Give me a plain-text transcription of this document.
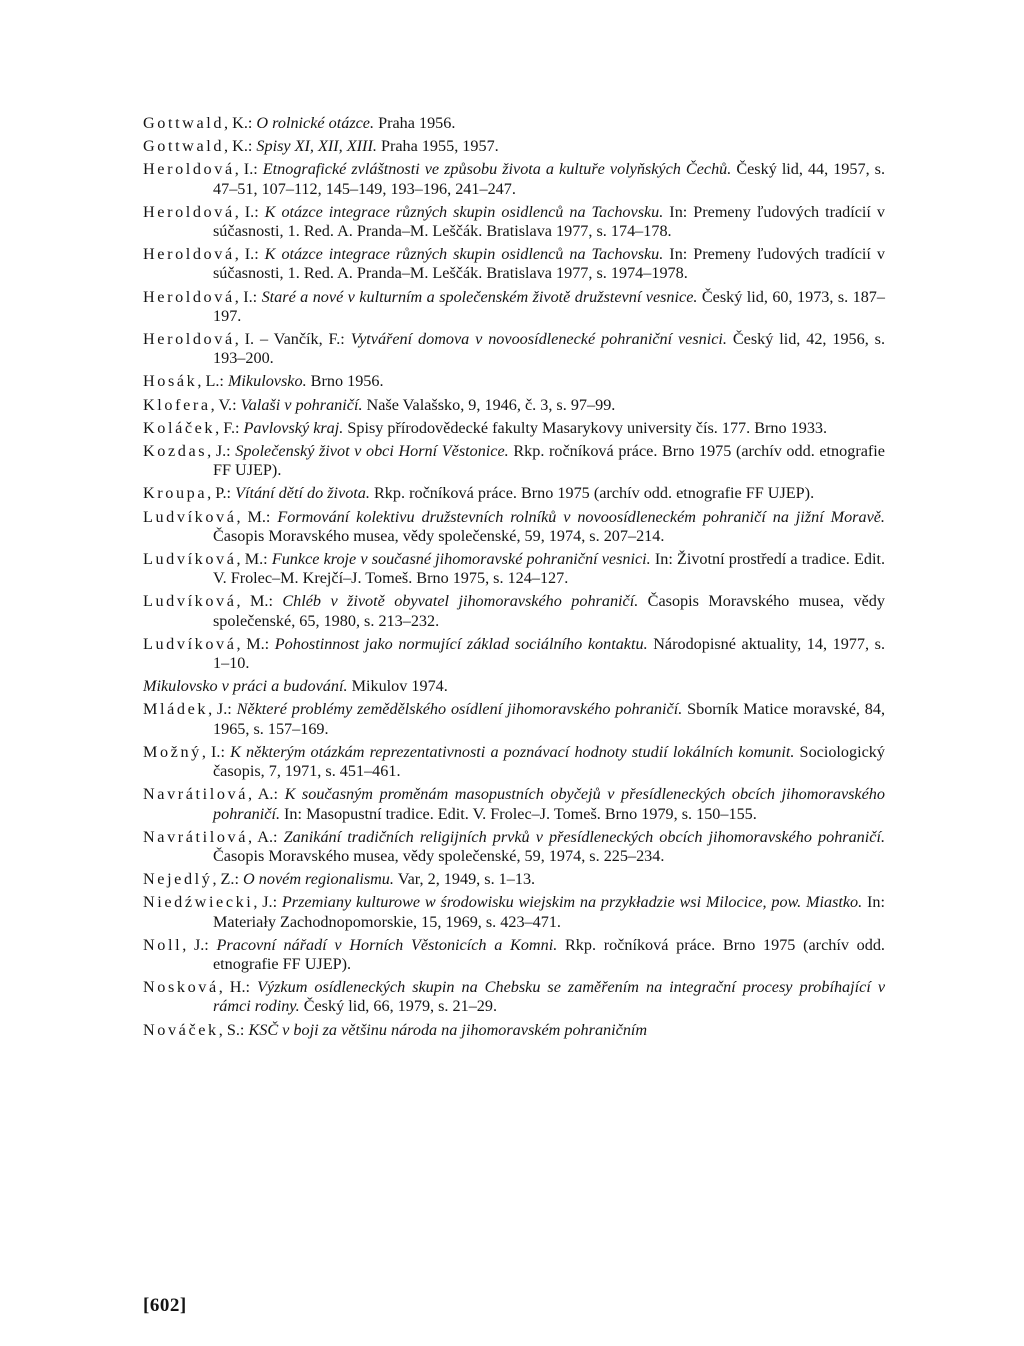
Gottwald, K.: O rolnické otázce. Praha 1956.

Gottwald, K.: Spisy XI, XII, XIII. Praha 1955, 1957.

Heroldová, I.: Etnografické zvláštnosti ve způsobu života a kultuře volyňských Čechů. Český lid, 44, 1957, s. 47–51, 107–112, 145–149, 193–196, 241–247.

Heroldová, I.: K otázce integrace různých skupin osidlenců na Tachovsku. In: Premeny ľudových tradícií v súčasnosti, 1. Red. A. Pranda–M. Leščák. Bratislava 1977, s. 174–178.

Heroldová, I.: K otázce integrace různých skupin osidlenců na Tachovsku. In: Premeny ľudových tradícií v súčasnosti, 1. Red. A. Pranda–M. Leščák. Bratislava 1977, s. 1974–1978.

Heroldová, I.: Staré a nové v kulturním a společenském životě družstevní vesnice. Český lid, 60, 1973, s. 187–197.

Heroldová, I. – Vančík, F.: Vytváření domova v novoosídlenecké pohraniční vesnici. Český lid, 42, 1956, s. 193–200.

Hosák, L.: Mikulovsko. Brno 1956.

Klofera, V.: Valaši v pohraničí. Naše Valašsko, 9, 1946, č. 3, s. 97–99.

Koláček, F.: Pavlovský kraj. Spisy přírodovědecké fakulty Masarykovy university čís. 177. Brno 1933.

Kozdas, J.: Společenský život v obci Horní Věstonice. Rkp. ročníková práce. Brno 1975 (archív odd. etnografie FF UJEP).

Kroupa, P.: Vítání dětí do života. Rkp. ročníková práce. Brno 1975 (archív odd. etnografie FF UJEP).

Ludvíková, M.: Formování kolektivu družstevních rolníků v novoosídleneckém pohraničí na jižní Moravě. Časopis Moravského musea, vědy společenské, 59, 1974, s. 207–214.

Ludvíková, M.: Funkce kroje v současné jihomoravské pohraniční vesnici. In: Životní prostředí a tradice. Edit. V. Frolec–M. Krejčí–J. Tomeš. Brno 1975, s. 124–127.

Ludvíková, M.: Chléb v životě obyvatel jihomoravského pohraničí. Časopis Moravského musea, vědy společenské, 65, 1980, s. 213–232.

Ludvíková, M.: Pohostinnost jako normující základ sociálního kontaktu. Národopisné aktuality, 14, 1977, s. 1–10.

Mikulovsko v práci a budování. Mikulov 1974.

Mládek, J.: Některé problémy zemědělského osídlení jihomoravského pohraničí. Sborník Matice moravské, 84, 1965, s. 157–169.

Možný, I.: K některým otázkám reprezentativnosti a poznávací hodnoty studií lokálních komunit. Sociologický časopis, 7, 1971, s. 451–461.

Navrátilová, A.: K současným proměnám masopustních obyčejů v přesídleneckých obcích jihomoravského pohraničí. In: Masopustní tradice. Edit. V. Frolec–J. Tomeš. Brno 1979, s. 150–155.

Navrátilová, A.: Zanikání tradičních religijních prvků v přesídleneckých obcích jihomoravského pohraničí. Časopis Moravského musea, vědy společenské, 59, 1974, s. 225–234.

Nejedlý, Z.: O novém regionalismu. Var, 2, 1949, s. 1–13.

Niedźwiecki, J.: Przemiany kulturowe w środowisku wiejskim na przykładzie wsi Milocice, pow. Miastko. In: Materiały Zachodnopomorskie, 15, 1969, s. 423–471.

Noll, J.: Pracovní nářadí v Horních Věstonicích a Komni. Rkp. ročníková práce. Brno 1975 (archív odd. etnografie FF UJEP).

Nosková, H.: Výzkum osídleneckých skupin na Chebsku se zaměřením na integrační procesy probíhající v rámci rodiny. Český lid, 66, 1979, s. 21–29.

Nováček, S.: KSČ v boji za většinu národa na jihomoravském pohraničním

[602]
